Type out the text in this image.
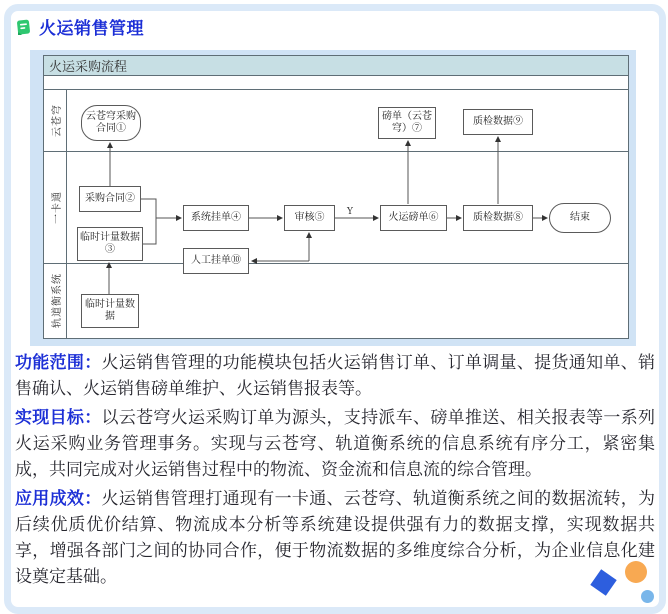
火运销售管理
火运采购流程
云苍穹
一卡通
轨道衡系统
Y
云苍穹采购合同①
磅单（云苍穹）⑦
质检数据⑨
采购合同②
临时计量数据③
系统挂单④
人工挂单⑩
审核⑤	火运磅单⑥	质检数据⑧	结束
临时计量数据

功能范围：火运销售管理的功能模块包括火运销售订单、订单调量、提货通知单、销售确认、火运销售磅单维护、火运销售报表等。

实现目标：以云苍穹火运采购订单为源头，支持派车、磅单推送、相关报表等一系列火运采购业务管理事务。实现与云苍穹、轨道衡系统的信息系统有序分工，紧密集成，共同完成对火运销售过程中的物流、资金流和信息流的综合管理。

应用成效：火运销售管理打通现有一卡通、云苍穹、轨道衡系统之间的数据流转，为后续优质优价结算、物流成本分析等系统建设提供强有力的数据支撑，实现数据共享，增强各部门之间的协同合作，便于物流数据的多维度综合分析，为企业信息化建设奠定基础。
